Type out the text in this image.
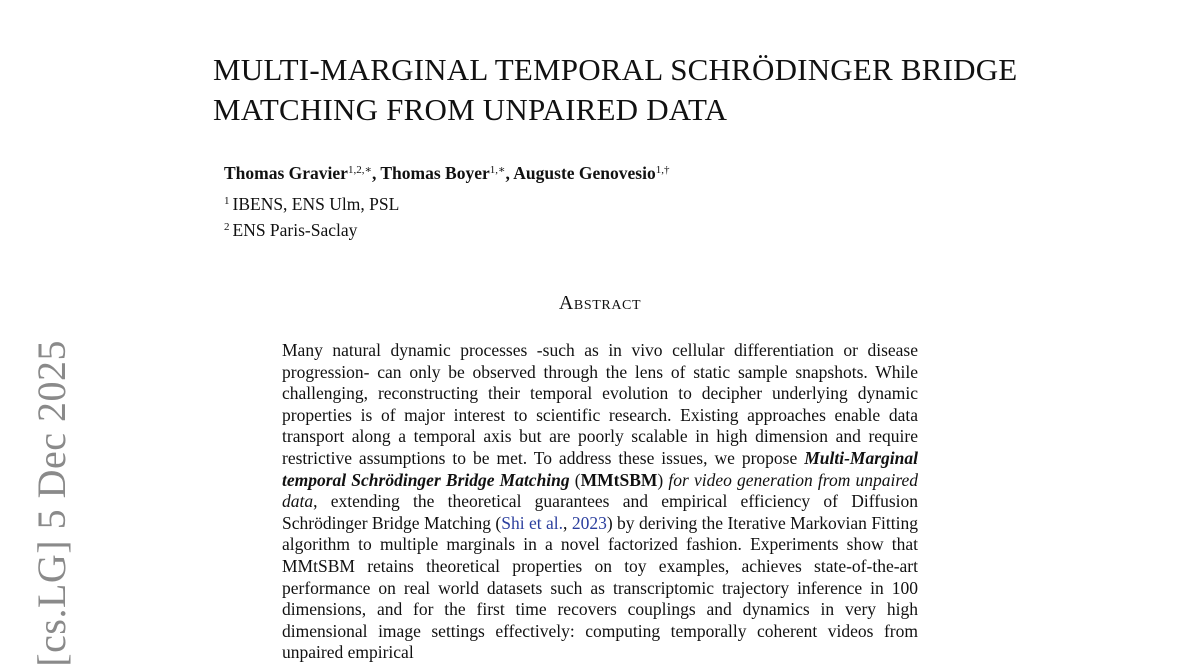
[cs.LG] 5 Dec 2025
MULTI-MARGINAL TEMPORAL SCHRÖDINGER BRIDGE
MATCHING FROM UNPAIRED DATA
Thomas Gravier$^{1,2,∗}$, Thomas Boyer$^{1,∗}$, Auguste Genovesio$^{1,\dagger}$
$^1$ IBENS, ENS Ulm, PSL
$^2$ ENS Paris-Saclay
Abstract
Many natural dynamic processes -such as in vivo cellular differentiation or disease progression- can only be observed through the lens of static sample snapshots. While challenging, reconstructing their temporal evolution to decipher underlying dynamic properties is of major interest to scientific research. Existing approaches enable data transport along a temporal axis but are poorly scalable in high dimension and require restrictive assumptions to be met. To address these issues, we propose Multi-Marginal temporal Schrödinger Bridge Matching (MMtSBM) for video generation from unpaired data, extending the theoretical guarantees and empirical efficiency of Diffusion Schrödinger Bridge Matching (Shi et al., 2023) by deriving the Iterative Markovian Fitting algorithm to multiple marginals in a novel factorized fashion. Experiments show that MMtSBM retains theoretical properties on toy examples, achieves state-of-the-art performance on real world datasets such as transcriptomic trajectory inference in 100 dimensions, and for the first time recovers couplings and dynamics in very high dimensional image settings effectively: computing temporally coherent videos from unpaired empirical
